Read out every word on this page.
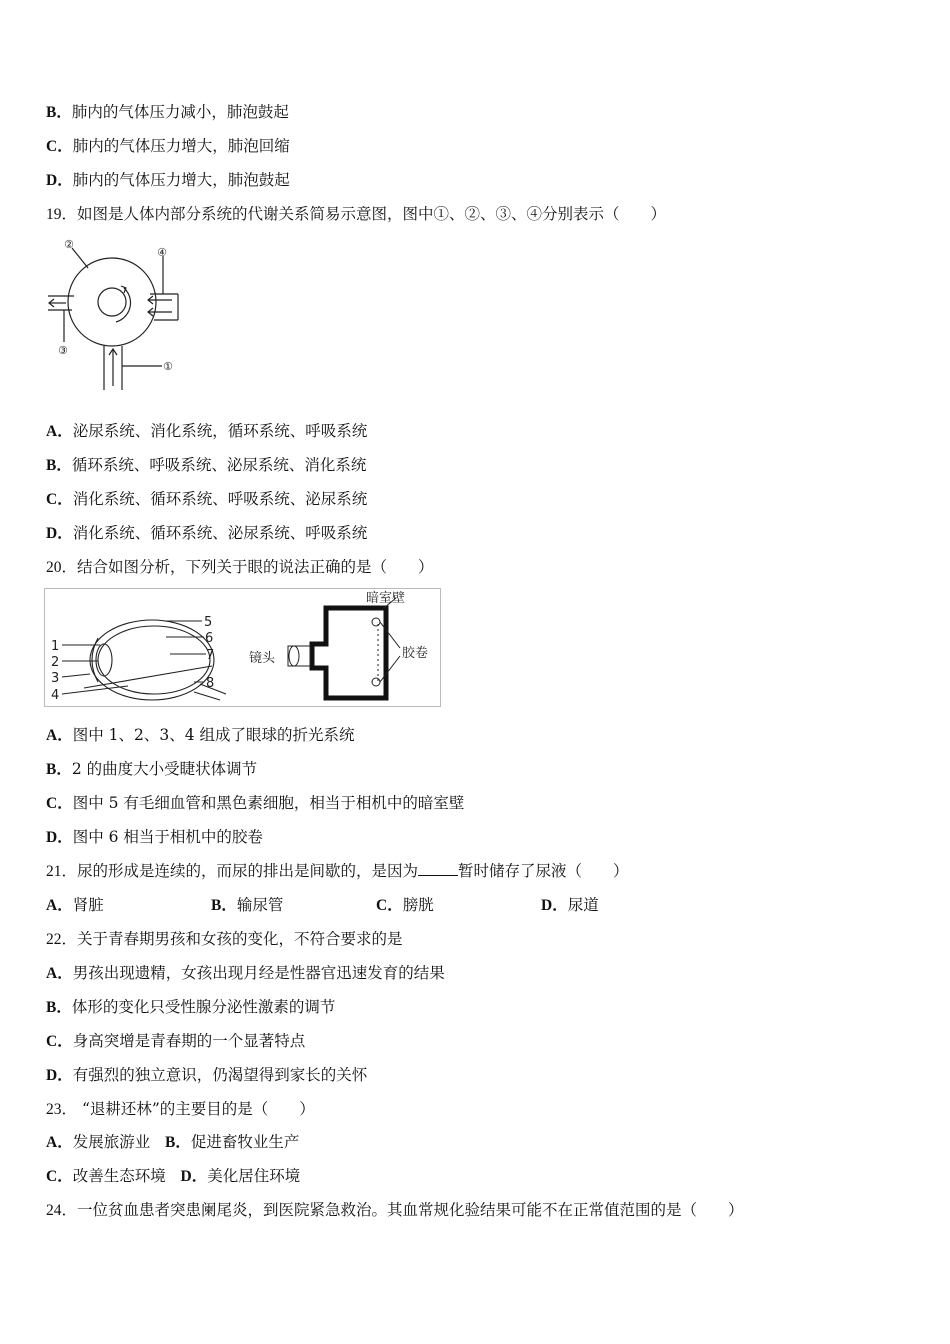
B．肺内的气体压力减小，肺泡鼓起
C．肺内的气体压力增大，肺泡回缩
D．肺内的气体压力增大，肺泡鼓起
19．如图是人体内部分系统的代谢关系简易示意图，图中①、②、③、④分别表示（　　）
②
④
③
①
A．泌尿系统、消化系统，循环系统、呼吸系统
B．循环系统、呼吸系统、泌尿系统、消化系统
C．消化系统、循环系统、呼吸系统、泌尿系统
D．消化系统、循环系统、泌尿系统、呼吸系统
20．结合如图分析，下列关于眼的说法正确的是（　　）
1
2
3
4
5
6
7
8
暗室壁
镜头	胶卷
A．图中 1、2、3、4 组成了眼球的折光系统
B．2 的曲度大小受睫状体调节
C．图中 5 有毛细血管和黑色素细胞，相当于相机中的暗室壁
D．图中 6 相当于相机中的胶卷
21．尿的形成是连续的，而尿的排出是间歇的，是因为	暂时储存了尿液（　　）
A．肾脏	B．输尿管	C．膀胱	D．尿道
22．关于青春期男孩和女孩的变化，不符合要求的是
A．男孩出现遗精，女孩出现月经是性器官迅速发育的结果
B．体形的变化只受性腺分泌性激素的调节
C．身高突增是青春期的一个显著特点
D．有强烈的独立意识，仍渴望得到家长的关怀
23． “退耕还林”的主要目的是（　　）
A．发展旅游业 B．促进畜牧业生产
C．改善生态环境 D．美化居住环境
24．一位贫血患者突患阑尾炎，到医院紧急救治。其血常规化验结果可能不在正常值范围的是（　　）
